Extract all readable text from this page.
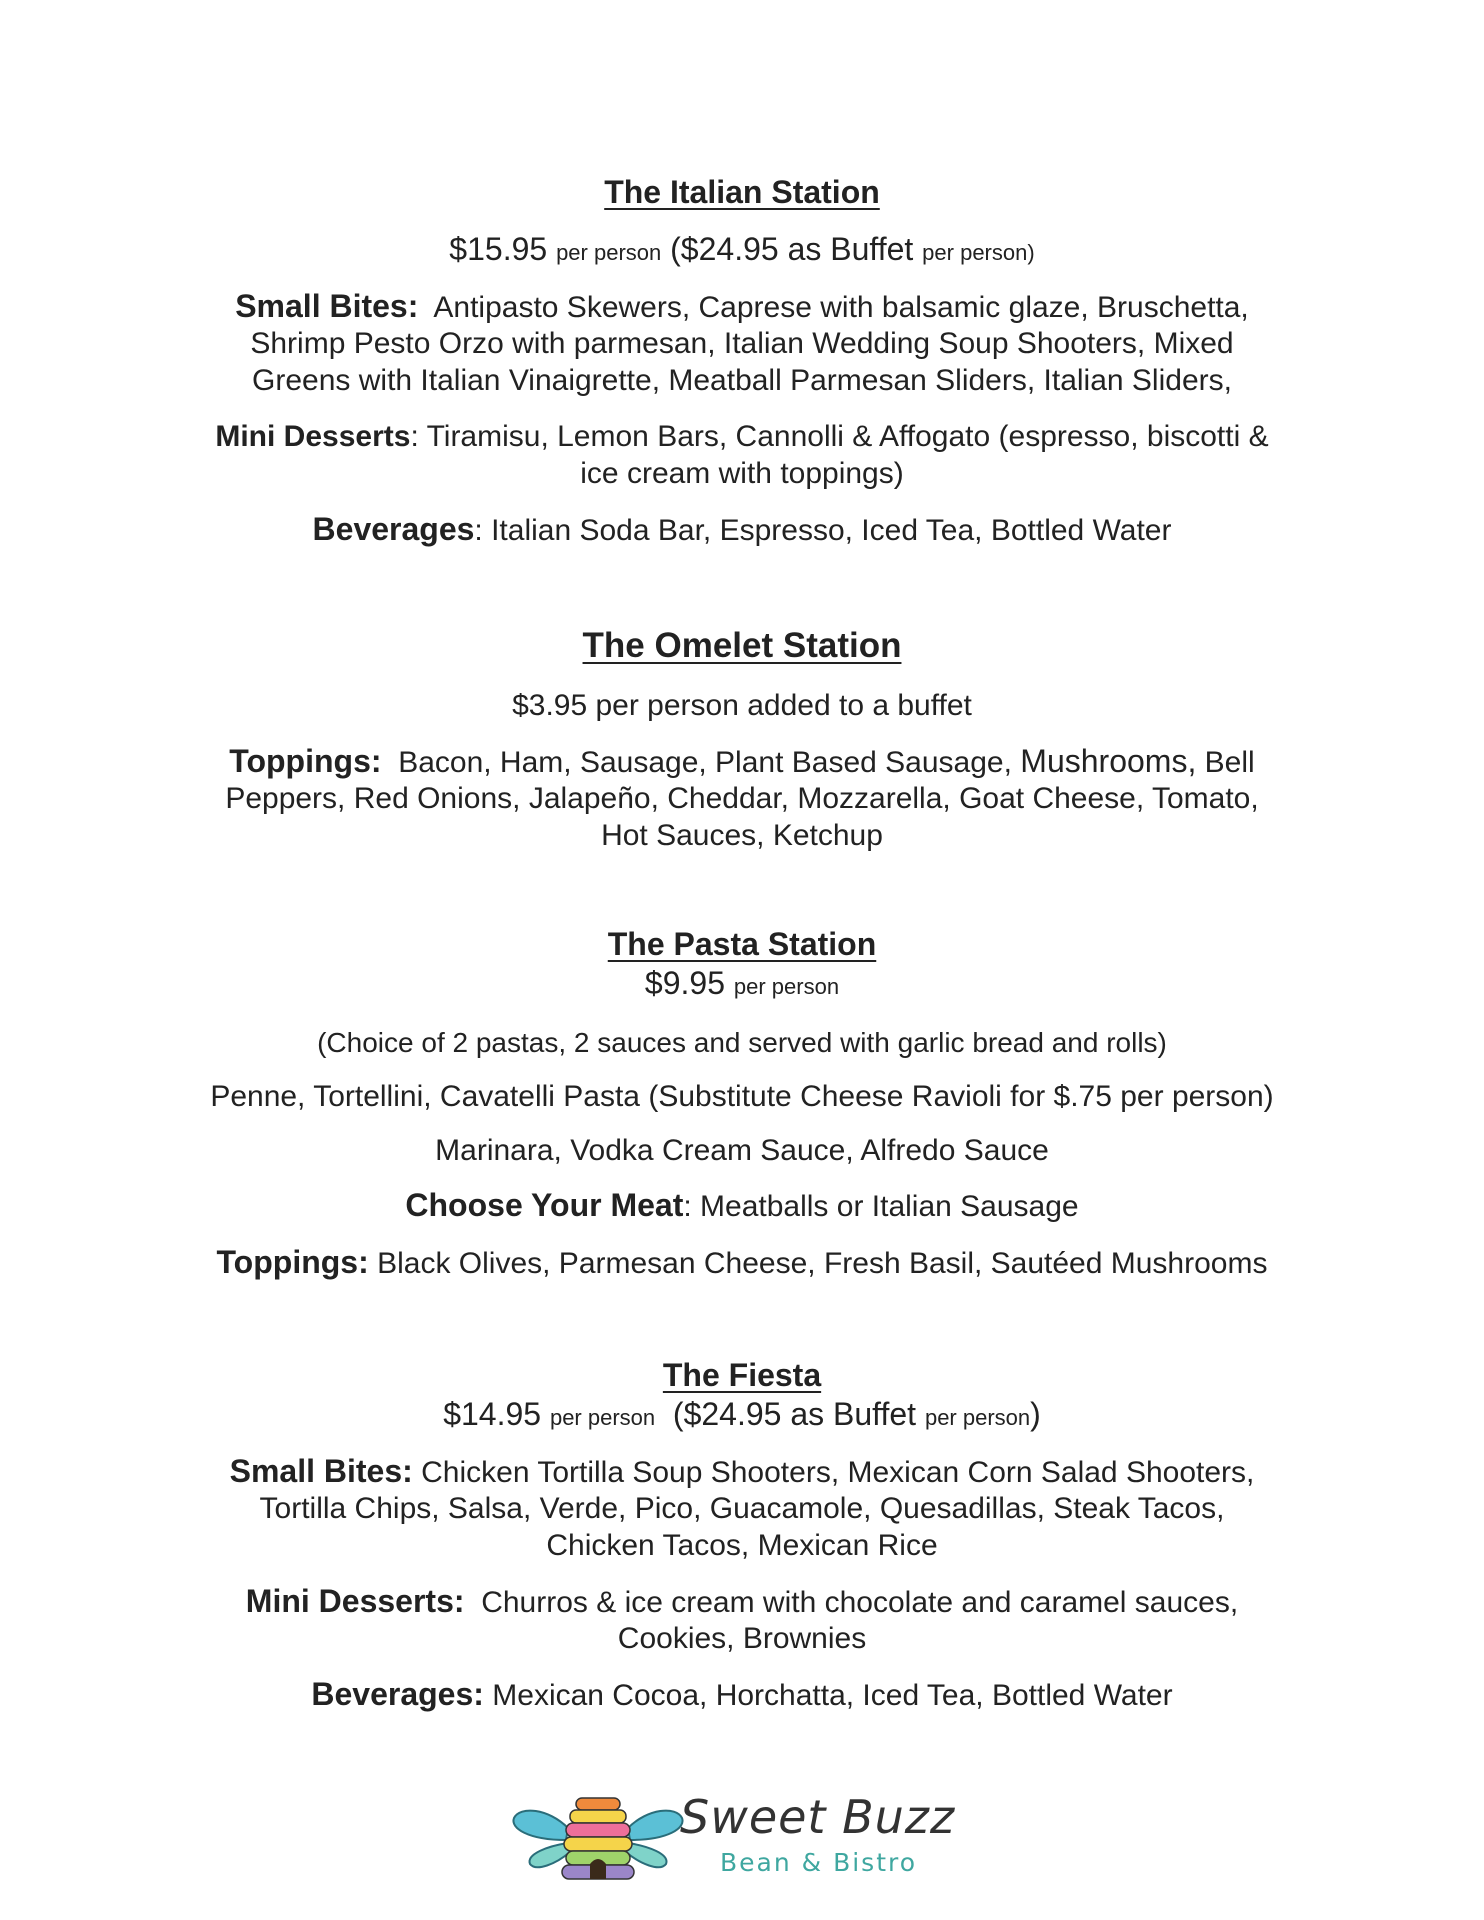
The Italian Station

$15.95 per person ($24.95 as Buffet per person)

Small Bites: Antipasto Skewers, Caprese with balsamic glaze, Bruschetta,

Shrimp Pesto Orzo with parmesan, Italian Wedding Soup Shooters, Mixed

Greens with Italian Vinaigrette, Meatball Parmesan Sliders, Italian Sliders,

Mini Desserts: Tiramisu, Lemon Bars, Cannolli & Affogato (espresso, biscotti &

ice cream with toppings)

Beverages: Italian Soda Bar, Espresso, Iced Tea, Bottled Water

The Omelet Station

$3.95 per person added to a buffet

Toppings: Bacon, Ham, Sausage, Plant Based Sausage, Mushrooms, Bell

Peppers, Red Onions, Jalapeño, Cheddar, Mozzarella, Goat Cheese, Tomato,

Hot Sauces, Ketchup

The Pasta Station

$9.95 per person

(Choice of 2 pastas, 2 sauces and served with garlic bread and rolls)

Penne, Tortellini, Cavatelli Pasta (Substitute Cheese Ravioli for $.75 per person)

Marinara, Vodka Cream Sauce, Alfredo Sauce

Choose Your Meat: Meatballs or Italian Sausage

Toppings: Black Olives, Parmesan Cheese, Fresh Basil, Sautéed Mushrooms

The Fiesta

$14.95 per person ($24.95 as Buffet per person)

Small Bites: Chicken Tortilla Soup Shooters, Mexican Corn Salad Shooters,

Tortilla Chips, Salsa, Verde, Pico, Guacamole, Quesadillas, Steak Tacos,

Chicken Tacos, Mexican Rice

Mini Desserts: Churros & ice cream with chocolate and caramel sauces,

Cookies, Brownies

Beverages: Mexican Cocoa, Horchatta, Iced Tea, Bottled Water

Sweet Buzz
Bean & Bistro
